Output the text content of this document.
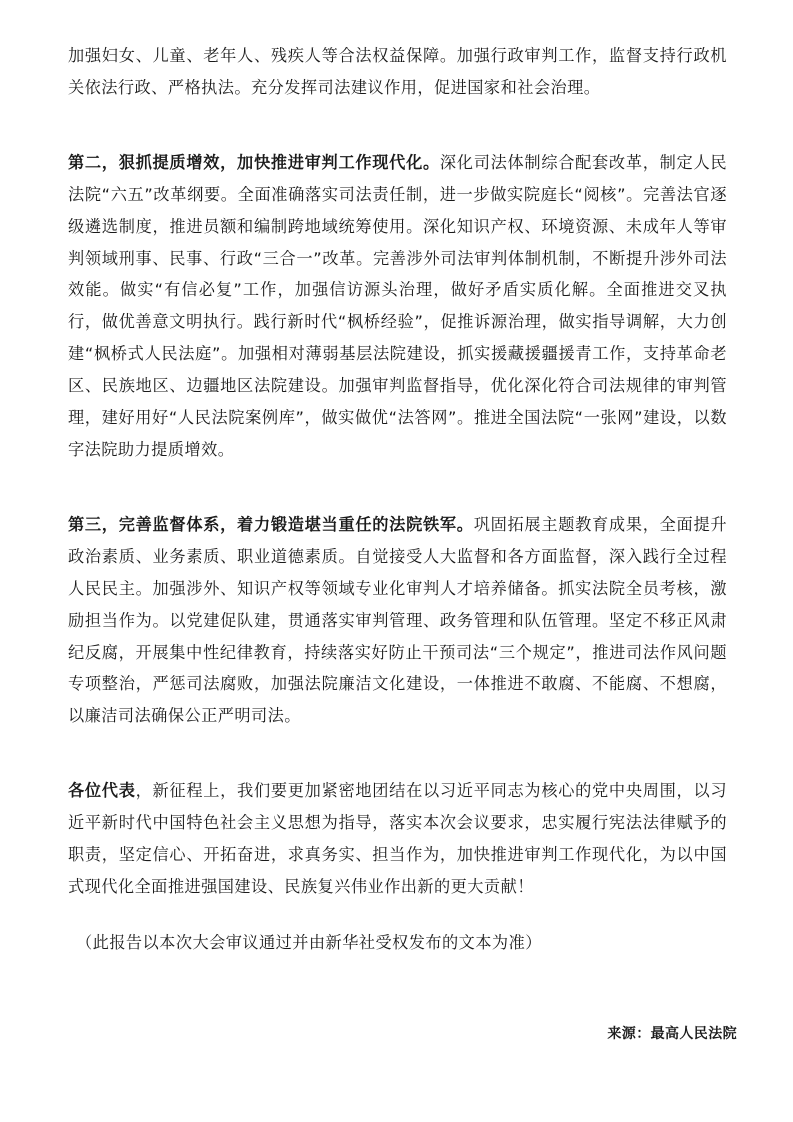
加强妇女、儿童、老年人、残疾人等合法权益保障。加强行政审判工作，监督支持行政机关依法行政、严格执法。充分发挥司法建议作用，促进国家和社会治理。

第二，狠抓提质增效，加快推进审判工作现代化。深化司法体制综合配套改革，制定人民法院“六五”改革纲要。全面准确落实司法责任制，进一步做实院庭长“阅核”。完善法官逐级遴选制度，推进员额和编制跨地域统筹使用。深化知识产权、环境资源、未成年人等审判领域刑事、民事、行政“三合一”改革。完善涉外司法审判体制机制，不断提升涉外司法效能。做实“有信必复”工作，加强信访源头治理，做好矛盾实质化解。全面推进交叉执行，做优善意文明执行。践行新时代“枫桥经验”，促推诉源治理，做实指导调解，大力创建“枫桥式人民法庭”。加强相对薄弱基层法院建设，抓实援藏援疆援青工作，支持革命老区、民族地区、边疆地区法院建设。加强审判监督指导，优化深化符合司法规律的审判管理，建好用好“人民法院案例库”，做实做优“法答网”。推进全国法院“一张网”建设，以数字法院助力提质增效。

第三，完善监督体系，着力锻造堪当重任的法院铁军。巩固拓展主题教育成果，全面提升政治素质、业务素质、职业道德素质。自觉接受人大监督和各方面监督，深入践行全过程人民民主。加强涉外、知识产权等领域专业化审判人才培养储备。抓实法院全员考核，激励担当作为。以党建促队建，贯通落实审判管理、政务管理和队伍管理。坚定不移正风肃纪反腐，开展集中性纪律教育，持续落实好防止干预司法“三个规定”，推进司法作风问题专项整治，严惩司法腐败，加强法院廉洁文化建设，一体推进不敢腐、不能腐、不想腐，以廉洁司法确保公正严明司法。

各位代表，新征程上，我们要更加紧密地团结在以习近平同志为核心的党中央周围，以习近平新时代中国特色社会主义思想为指导，落实本次会议要求，忠实履行宪法法律赋予的职责，坚定信心、开拓奋进，求真务实、担当作为，加快推进审判工作现代化，为以中国式现代化全面推进强国建设、民族复兴伟业作出新的更大贡献！

（此报告以本次大会审议通过并由新华社受权发布的文本为准）

来源：最高人民法院
